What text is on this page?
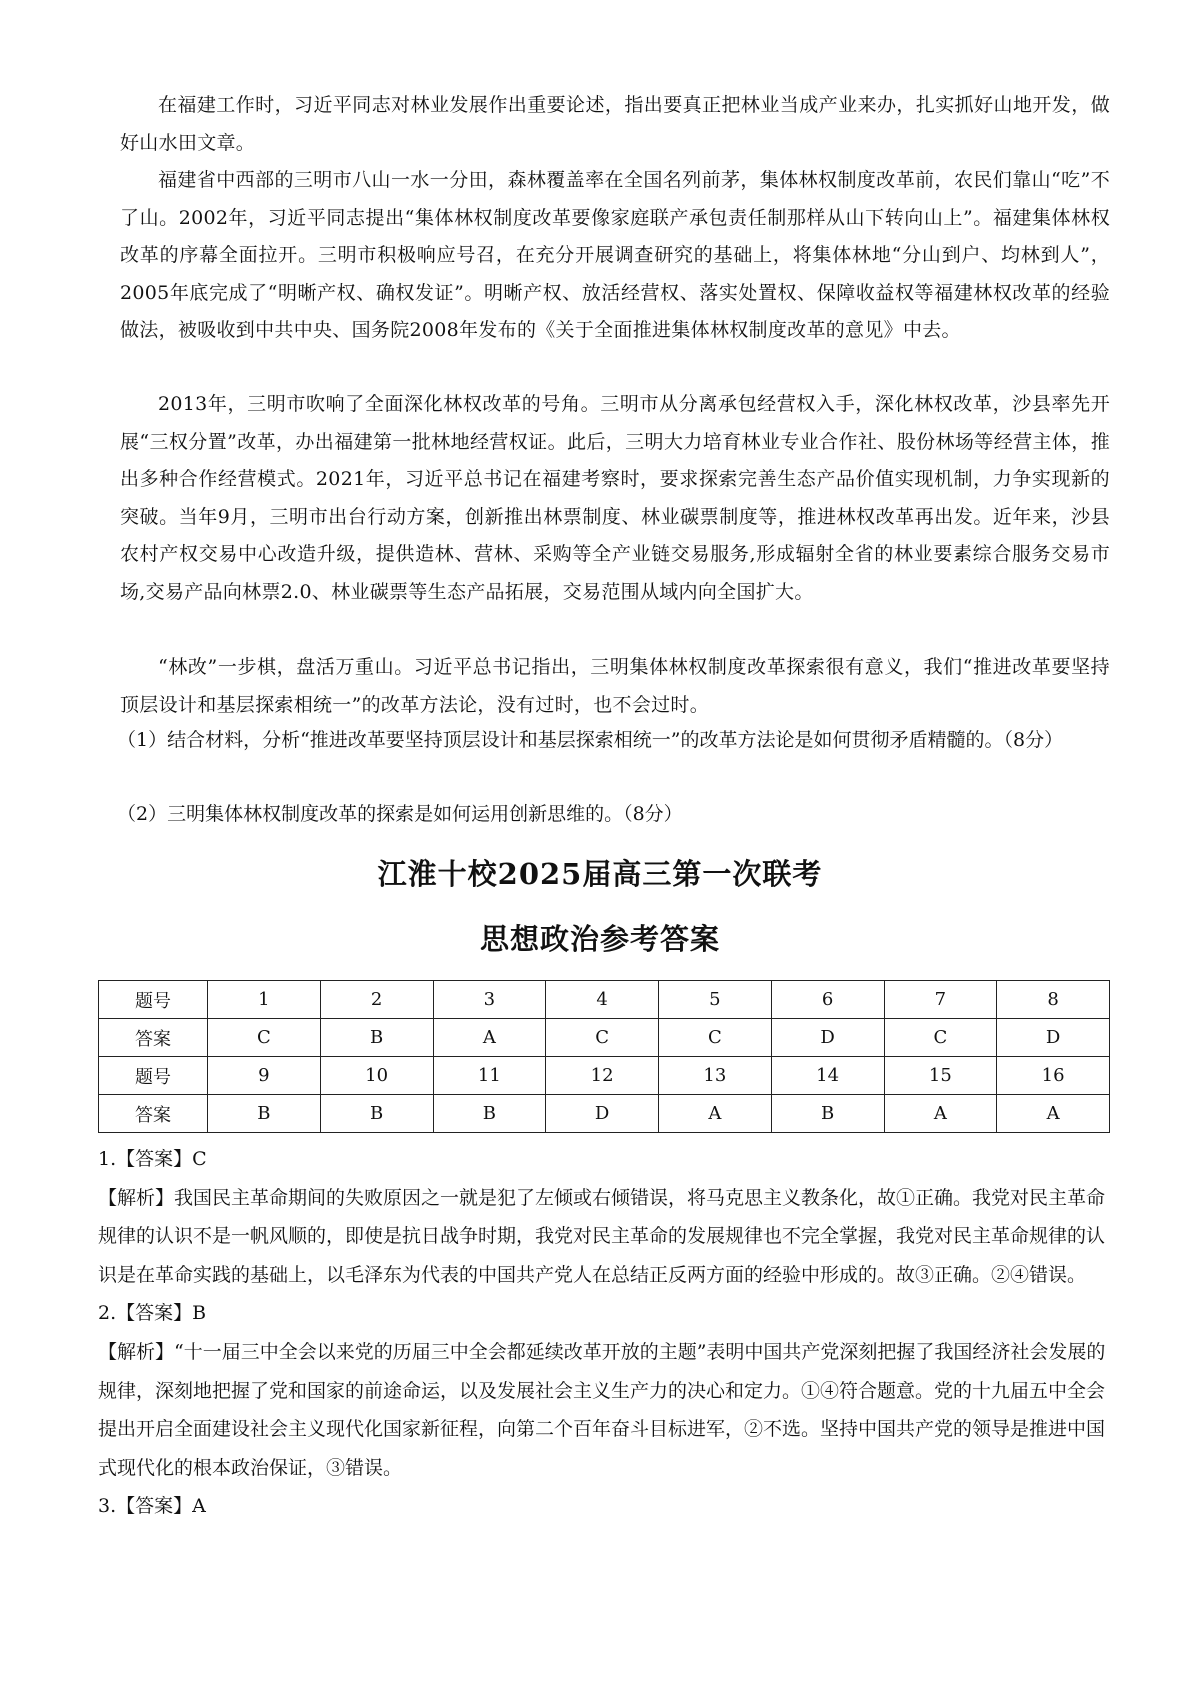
在福建工作时，习近平同志对林业发展作出重要论述，指出要真正把林业当成产业来办，扎实抓好山地开发，做好山水田文章。

福建省中西部的三明市八山一水一分田，森林覆盖率在全国名列前茅，集体林权制度改革前，农民们靠山“吃”不了山。2002年，习近平同志提出“集体林权制度改革要像家庭联产承包责任制那样从山下转向山上”。福建集体林权改革的序幕全面拉开。三明市积极响应号召，在充分开展调查研究的基础上，将集体林地“分山到户、均林到人”，2005年底完成了“明晰产权、确权发证”。明晰产权、放活经营权、落实处置权、保障收益权等福建林权改革的经验做法，被吸收到中共中央、国务院2008年发布的《关于全面推进集体林权制度改革的意见》中去。

2013年，三明市吹响了全面深化林权改革的号角。三明市从分离承包经营权入手，深化林权改革，沙县率先开展“三权分置”改革，办出福建第一批林地经营权证。此后，三明大力培育林业专业合作社、股份林场等经营主体，推出多种合作经营模式。2021年，习近平总书记在福建考察时，要求探索完善生态产品价值实现机制，力争实现新的突破。当年9月，三明市出台行动方案，创新推出林票制度、林业碳票制度等，推进林权改革再出发。近年来，沙县农村产权交易中心改造升级，提供造林、营林、采购等全产业链交易服务,形成辐射全省的林业要素综合服务交易市场,交易产品向林票2.0、林业碳票等生态产品拓展，交易范围从域内向全国扩大。

“林改”一步棋，盘活万重山。习近平总书记指出，三明集体林权制度改革探索很有意义，我们“推进改革要坚持顶层设计和基层探索相统一”的改革方法论，没有过时，也不会过时。

（1）结合材料，分析“推进改革要坚持顶层设计和基层探索相统一”的改革方法论是如何贯彻矛盾精髓的。（8分）

（2）三明集体林权制度改革的探索是如何运用创新思维的。（8分）

江淮十校2025届高三第一次联考
思想政治参考答案
题号	1	2	3	4	5	6	7	8
答案	C	B	A	C	C	D	C	D
题号	9	10	11	12	13	14	15	16
答案	B	B	B	D	A	B	A	A

1.【答案】C

【解析】我国民主革命期间的失败原因之一就是犯了左倾或右倾错误，将马克思主义教条化，故①正确。我党对民主革命规律的认识不是一帆风顺的，即使是抗日战争时期，我党对民主革命的发展规律也不完全掌握，我党对民主革命规律的认识是在革命实践的基础上，以毛泽东为代表的中国共产党人在总结正反两方面的经验中形成的。故③正确。②④错误。

2.【答案】B

【解析】“十一届三中全会以来党的历届三中全会都延续改革开放的主题”表明中国共产党深刻把握了我国经济社会发展的规律，深刻地把握了党和国家的前途命运，以及发展社会主义生产力的决心和定力。①④符合题意。党的十九届五中全会提出开启全面建设社会主义现代化国家新征程，向第二个百年奋斗目标进军，②不选。坚持中国共产党的领导是推进中国式现代化的根本政治保证，③错误。

3.【答案】A
